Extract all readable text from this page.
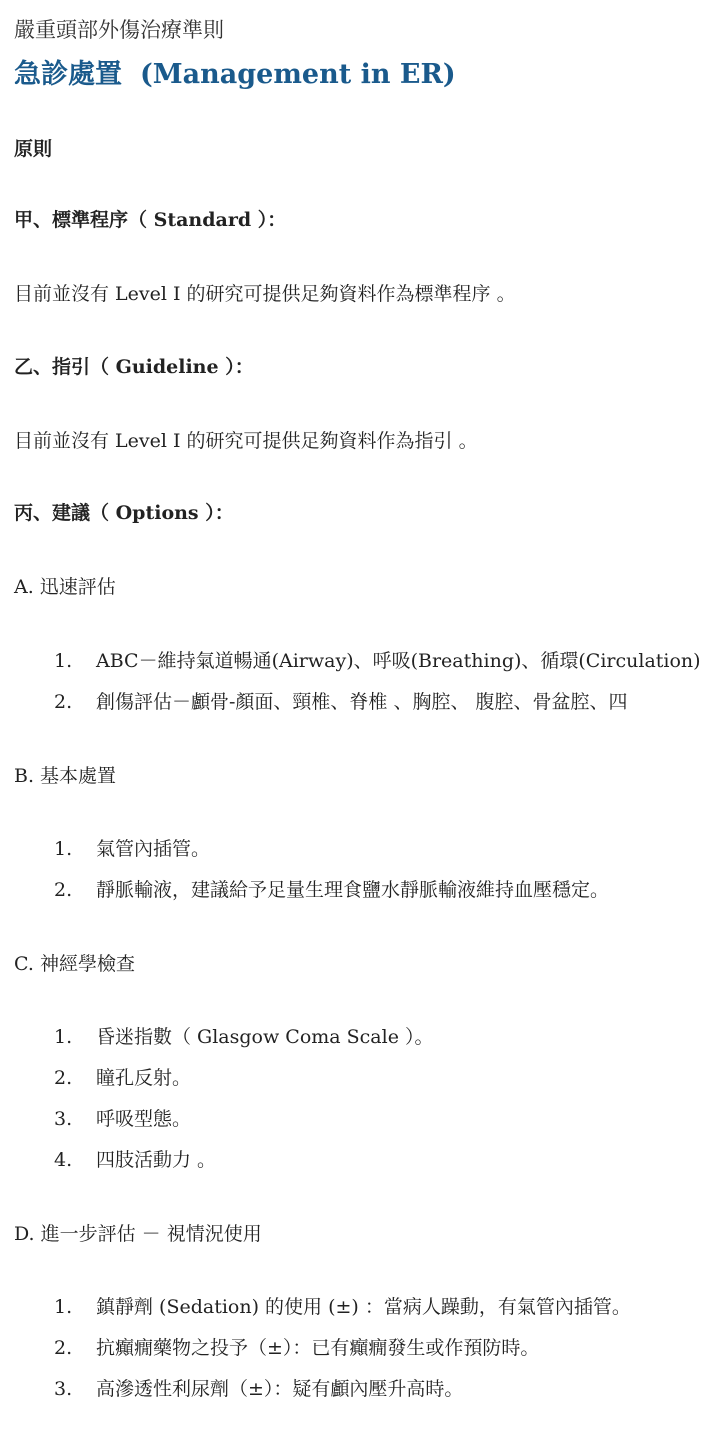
嚴重頭部外傷治療準則
急診處置 (Management in ER)
原則
甲、標準程序（ Standard ）：
目前並沒有 Level I 的研究可提供足夠資料作為標準程序 。
乙、指引（ Guideline ）：
目前並沒有 Level I 的研究可提供足夠資料作為指引 。
丙、建議（ Options ）：
A. 迅速評估
1. ABC－維持氣道暢通(Airway)、呼吸(Breathing)、循環(Circulation)
2. 創傷評估－顱骨-顏面、頸椎、脊椎 、胸腔、 腹腔、骨盆腔、四
B. 基本處置
1. 氣管內插管。
2. 靜脈輸液，建議給予足量生理食鹽水靜脈輸液維持血壓穩定。
C. 神經學檢查
1. 昏迷指數（ Glasgow Coma Scale ）。
2. 瞳孔反射。
3. 呼吸型態。
4. 四肢活動力 。
D. 進一步評估 － 視情況使用
1. 鎮靜劑 (Sedation) 的使用 (±) ：當病人躁動，有氣管內插管。
2. 抗癲癇藥物之投予（±）：已有癲癇發生或作預防時。
3. 高滲透性利尿劑（±）：疑有顱內壓升高時。
